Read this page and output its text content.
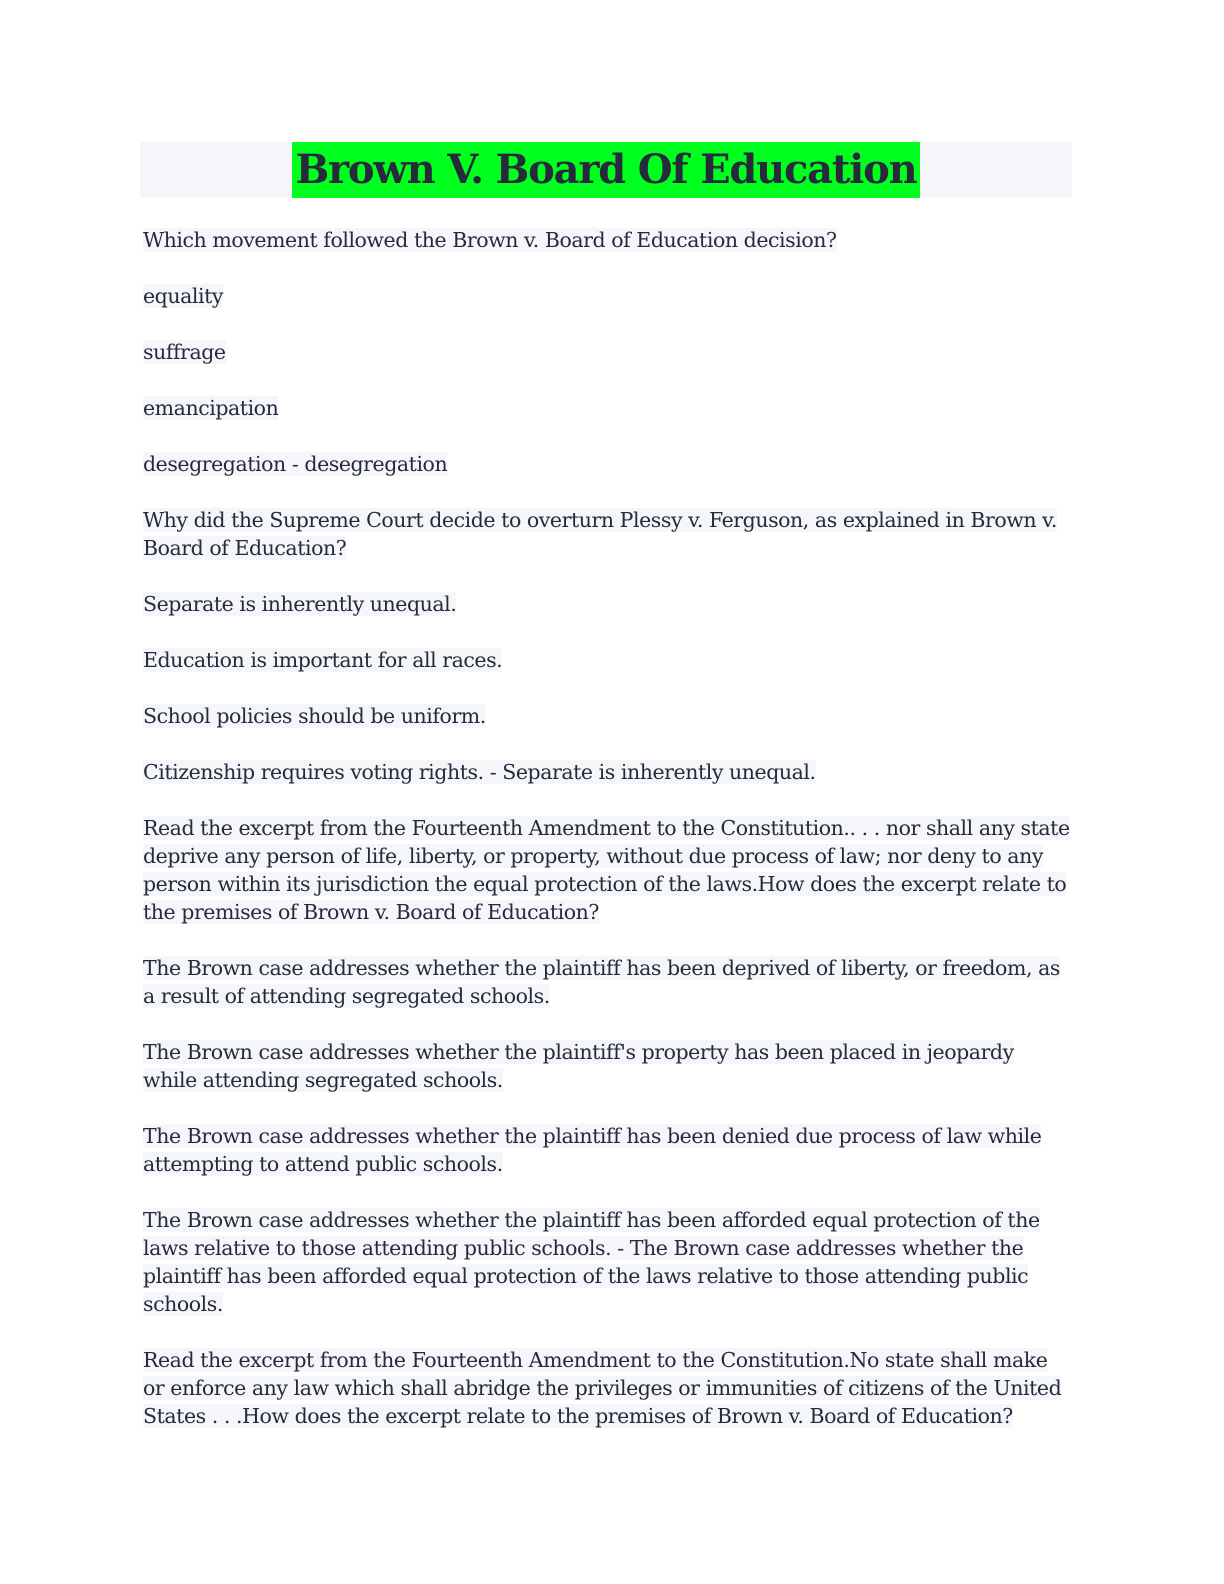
Brown V. Board Of Education

Which movement followed the Brown v. Board of Education decision?

equality

suffrage

emancipation

desegregation - desegregation

Why did the Supreme Court decide to overturn Plessy v. Ferguson, as explained in Brown v. Board of Education?

Separate is inherently unequal.

Education is important for all races.

School policies should be uniform.

Citizenship requires voting rights. - Separate is inherently unequal.

Read the excerpt from the Fourteenth Amendment to the Constitution.. . . nor shall any state deprive any person of life, liberty, or property, without due process of law; nor deny to any person within its jurisdiction the equal protection of the laws.How does the excerpt relate to the premises of Brown v. Board of Education?

The Brown case addresses whether the plaintiff has been deprived of liberty, or freedom, as a result of attending segregated schools.

The Brown case addresses whether the plaintiff's property has been placed in jeopardy while attending segregated schools.

The Brown case addresses whether the plaintiff has been denied due process of law while attempting to attend public schools.

The Brown case addresses whether the plaintiff has been afforded equal protection of the laws relative to those attending public schools. - The Brown case addresses whether the plaintiff has been afforded equal protection of the laws relative to those attending public schools.

Read the excerpt from the Fourteenth Amendment to the Constitution.No state shall make or enforce any law which shall abridge the privileges or immunities of citizens of the United States . . .How does the excerpt relate to the premises of Brown v. Board of Education?
